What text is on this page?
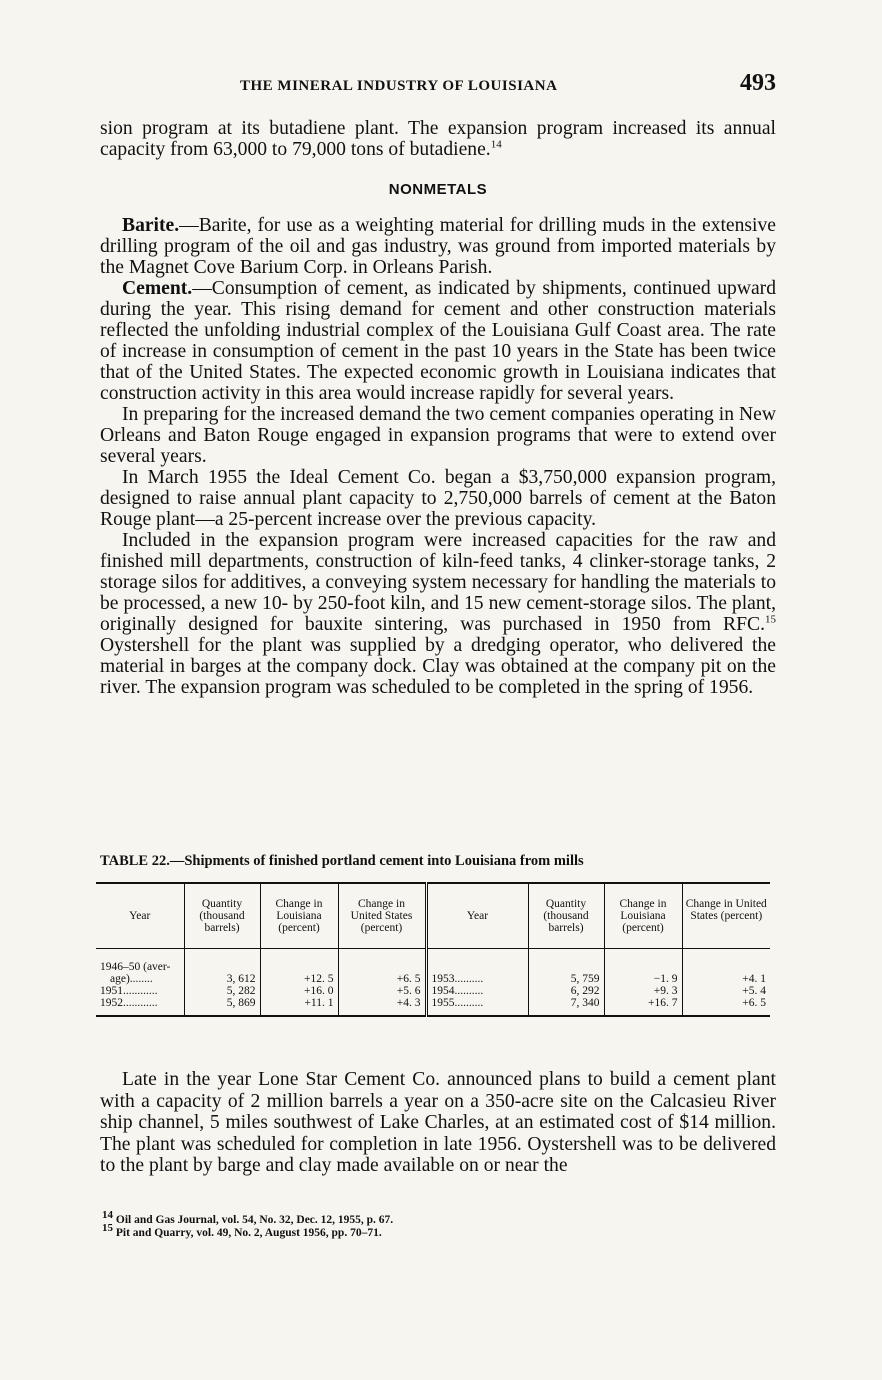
THE MINERAL INDUSTRY OF LOUISIANA	493

sion program at its butadiene plant. The expansion program increased its annual capacity from 63,000 to 79,000 tons of butadiene.$^{14}$

NONMETALS

Barite.—Barite, for use as a weighting material for drilling muds in the extensive drilling program of the oil and gas industry, was ground from imported materials by the Magnet Cove Barium Corp. in Orleans Parish.

Cement.—Consumption of cement, as indicated by shipments, continued upward during the year. This rising demand for cement and other construction materials reflected the unfolding industrial complex of the Louisiana Gulf Coast area. The rate of increase in consumption of cement in the past 10 years in the State has been twice that of the United States. The expected economic growth in Louisiana indicates that construction activity in this area would increase rapidly for several years.

In preparing for the increased demand the two cement companies operating in New Orleans and Baton Rouge engaged in expansion programs that were to extend over several years.

In March 1955 the Ideal Cement Co. began a $3,750,000 expansion program, designed to raise annual plant capacity to 2,750,000 barrels of cement at the Baton Rouge plant—a 25-percent increase over the previous capacity.

Included in the expansion program were increased capacities for the raw and finished mill departments, construction of kiln-feed tanks, 4 clinker-storage tanks, 2 storage silos for additives, a conveying system necessary for handling the materials to be processed, a new 10- by 250-foot kiln, and 15 new cement-storage silos. The plant, originally designed for bauxite sintering, was purchased in 1950 from RFC.$^{15}$ Oystershell for the plant was supplied by a dredging operator, who delivered the material in barges at the company dock. Clay was obtained at the company pit on the river. The expansion program was scheduled to be completed in the spring of 1956.

TABLE 22.—Shipments of finished portland cement into Louisiana from mills
Year	Quantity (thousand barrels)	Change in Louisiana (percent)	Change in United States (percent)	Year	Quantity (thousand barrels)	Change in Louisiana (percent)	Change in United States (percent)

1946–50 (aver-
age)........	3, 612	+12. 5	+6. 5	1953..........	5, 759	−1. 9	+4. 1
1951............	5, 282	+16. 0	+5. 6	1954..........	6, 292	+9. 3	+5. 4
1952............	5, 869	+11. 1	+4. 3	1955..........	7, 340	+16. 7	+6. 5

Late in the year Lone Star Cement Co. announced plans to build a cement plant with a capacity of 2 million barrels a year on a 350-acre site on the Calcasieu River ship channel, 5 miles southwest of Lake Charles, at an estimated cost of $14 million. The plant was scheduled for completion in late 1956. Oystershell was to be delivered to the plant by barge and clay made available on or near the

$^{14}$ Oil and Gas Journal, vol. 54, No. 32, Dec. 12, 1955, p. 67.
$^{15}$ Pit and Quarry, vol. 49, No. 2, August 1956, pp. 70–71.
